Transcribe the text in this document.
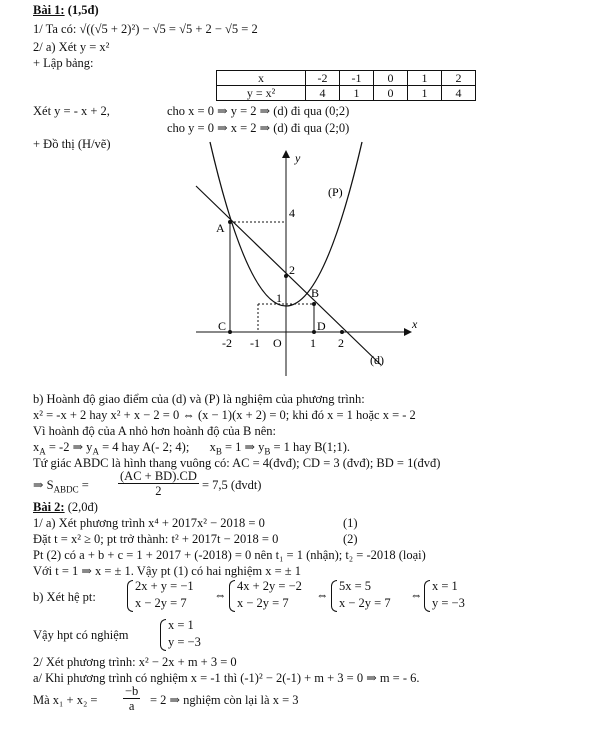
Bài 1: (1,5đ)
1/ Ta có: √((√5 + 2)²) − √5 = √5 + 2 − √5 = 2
2/ a) Xét y = x²
+ Lập bảng:
x	-2	-1	0	1	2
y = x²	4	1	0	1	4
Xét y = - x + 2,	cho x = 0 ⇒ y = 2 ⇒ (d) đi qua (0;2)
cho y = 0 ⇒ x = 2 ⇒ (d) đi qua (2;0)
+ Đồ thị (H/vẽ)
x
y
(P)
(d)
A
B
C	D
O
-2 -1	1 2
4
2
1
b) Hoành độ giao điểm của (d) và (P) là nghiệm của phương trình:
x² = -x + 2 hay x² + x − 2 = 0 ⇔ (x − 1)(x + 2) = 0; khi đó x = 1 hoặc x = - 2
Vì hoành độ của A nhỏ hơn hoành độ của B nên:
$x_A = -2$ ⇒ $y_A = 4$ hay A(- 2; 4); $x_B = 1$ ⇒ $y_B = 1$ hay B(1;1).
Tứ giác ABDC là hình thang vuông có: AC = 4(đvđ); CD = 3 (đvđ); BD = 1(đvđ)
⇒ $S_{ABDC} = \frac{(AC + BD).CD}{2} = 7,5$ (đvdt)
Bài 2: (2,0đ)
1/ a) Xét phương trình x⁴ + 2017x² − 2018 = 0	(1)
Đặt t = x² ≥ 0; pt trở thành: t² + 2017t − 2018 = 0	(2)
Pt (2) có a + b + c = 1 + 2017 + (-2018) = 0 nên t₁ = 1 (nhận); t₂ = -2018 (loại)
Với t = 1 ⇒ x = ± 1. Vậy pt (1) có hai nghiệm x = ± 1
b) Xét hệ pt:
2x + y = −1
x − 2y = 7
⇔
4x + 2y = −2
x − 2y = 7
⇔
5x = 5
x − 2y = 7
⇔
x = 1
y = −3
Vậy hpt có nghiệm
x = 1
y = −3
2/ Xét phương trình: x² − 2x + m + 3 = 0
a/ Khi phương trình có nghiệm x = -1 thì (-1)² − 2(-1) + m + 3 = 0 ⇒ m = - 6.
Mà $x_1 + x_2 = \frac{-b}{a} = 2$ ⇒ nghiệm còn lại là x = 3
